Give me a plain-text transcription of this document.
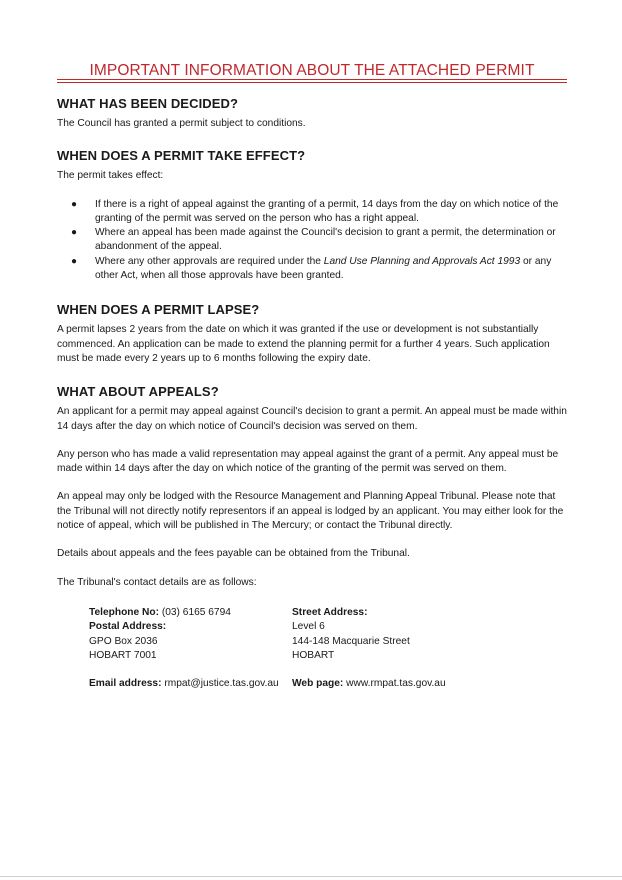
IMPORTANT INFORMATION ABOUT THE ATTACHED PERMIT
WHAT HAS BEEN DECIDED?

The Council has granted a permit subject to conditions.

WHEN DOES A PERMIT TAKE EFFECT?

The permit takes effect:

● If there is a right of appeal against the granting of a permit, 14 days from the day on which notice of the granting of the permit was served on the person who has a right appeal.
● Where an appeal has been made against the Council's decision to grant a permit, the determination or abandonment of the appeal.
● Where any other approvals are required under the Land Use Planning and Approvals Act 1993 or any other Act, when all those approvals have been granted.
WHEN DOES A PERMIT LAPSE?

A permit lapses 2 years from the date on which it was granted if the use or development is not substantially commenced. An application can be made to extend the planning permit for a further 4 years. Such application must be made every 2 years up to 6 months following the expiry date.

WHAT ABOUT APPEALS?

An applicant for a permit may appeal against Council's decision to grant a permit. An appeal must be made within 14 days after the day on which notice of Council's decision was served on them.

Any person who has made a valid representation may appeal against the grant of a permit. Any appeal must be made within 14 days after the day on which notice of the granting of the permit was served on them.

An appeal may only be lodged with the Resource Management and Planning Appeal Tribunal. Please note that the Tribunal will not directly notify representors if an appeal is lodged by an applicant. You may either look for the notice of appeal, which will be published in The Mercury; or contact the Tribunal directly.

Details about appeals and the fees payable can be obtained from the Tribunal.

The Tribunal's contact details are as follows:

Telephone No: (03) 6165 6794
Postal Address:
GPO Box 2036
HOBART 7001
Email address: rmpat@justice.tas.gov.au
Street Address:
Level 6
144-148 Macquarie Street
HOBART
Web page: www.rmpat.tas.gov.au
